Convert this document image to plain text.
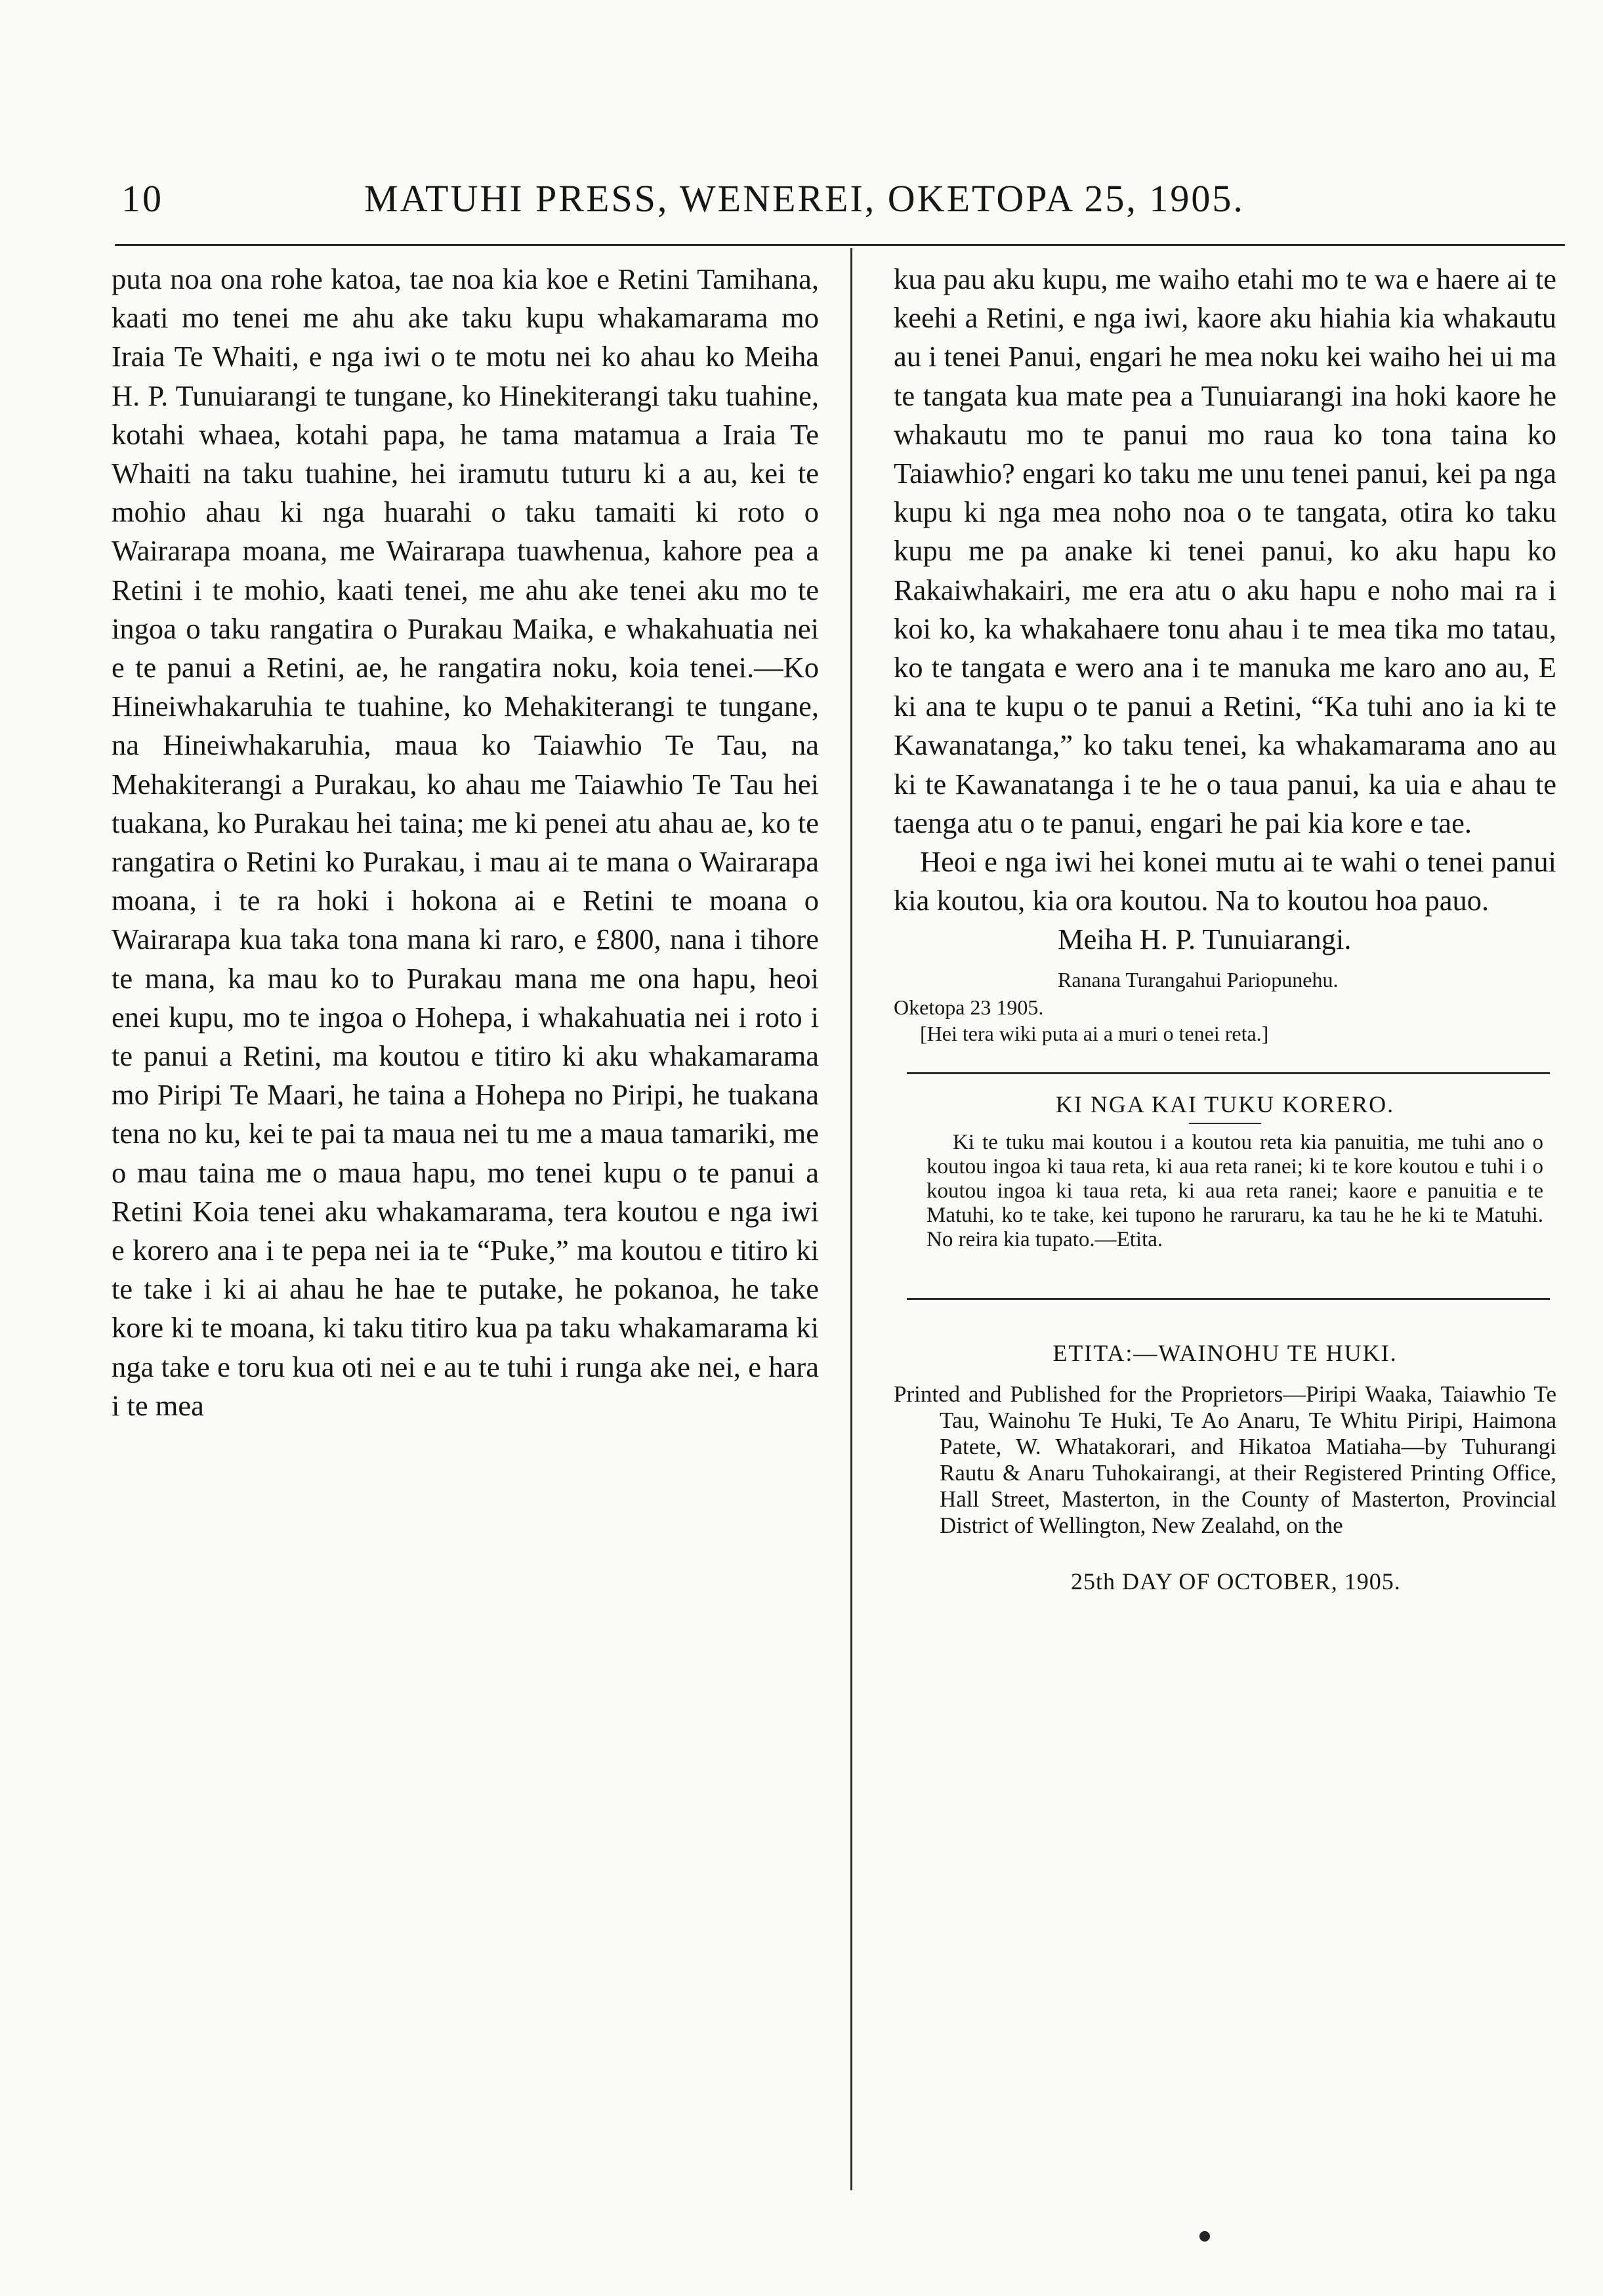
10	MATUHI PRESS, WENEREI, OKETOPA 25, 1905.

puta noa ona rohe katoa, tae noa kia koe e Retini Tamihana, kaati mo tenei me ahu ake taku kupu whakamarama mo Iraia Te Whaiti, e nga iwi o te motu nei ko ahau ko Meiha H. P. Tunuiarangi te tungane, ko Hinekiterangi taku tuahine, kotahi whaea, kotahi papa, he tama matamua a Iraia Te Whaiti na taku tuahine, hei iramutu tuturu ki a au, kei te mohio ahau ki nga huarahi o taku tamaiti ki roto o Wairarapa moana, me Wairarapa tuawhenua, kahore pea a Retini i te mohio, kaati tenei, me ahu ake tenei aku mo te ingoa o taku rangatira o Purakau Maika, e whakahuatia nei e te panui a Retini, ae, he rangatira noku, koia tenei.—Ko Hineiwhakaruhia te tuahine, ko Mehakiterangi te tungane, na Hineiwhakaruhia, maua ko Taiawhio Te Tau, na Mehakiterangi a Purakau, ko ahau me Taiawhio Te Tau hei tuakana, ko Purakau hei taina; me ki penei atu ahau ae, ko te rangatira o Retini ko Purakau, i mau ai te mana o Wairarapa moana, i te ra hoki i hokona ai e Retini te moana o Wairarapa kua taka tona mana ki raro, e £800, nana i tihore te mana, ka mau ko to Purakau mana me ona hapu, heoi enei kupu, mo te ingoa o Hohepa, i whakahuatia nei i roto i te panui a Retini, ma koutou e titiro ki aku whakamarama mo Piripi Te Maari, he taina a Hohepa no Piripi, he tuakana tena no ku, kei te pai ta maua nei tu me a maua tamariki, me o mau taina me o maua hapu, mo tenei kupu o te panui a Retini Koia tenei aku whakamarama, tera koutou e nga iwi e korero ana i te pepa nei ia te “Puke,” ma koutou e titiro ki te take i ki ai ahau he hae te putake, he pokanoa, he take kore ki te moana, ki taku titiro kua pa taku whakamarama ki nga take e toru kua oti nei e au te tuhi i runga ake nei, e hara i te mea

kua pau aku kupu, me waiho etahi mo te wa e haere ai te keehi a Retini, e nga iwi, kaore aku hiahia kia whakautu au i tenei Panui, engari he mea noku kei waiho hei ui ma te tangata kua mate pea a Tunuiarangi ina hoki kaore he whakautu mo te panui mo raua ko tona taina ko Taiawhio? engari ko taku me unu tenei panui, kei pa nga kupu ki nga mea noho noa o te tangata, otira ko taku kupu me pa anake ki tenei panui, ko aku hapu ko Rakaiwhakairi, me era atu o aku hapu e noho mai ra i koi ko, ka whakahaere tonu ahau i te mea tika mo tatau, ko te tangata e wero ana i te manuka me karo ano au, E ki ana te kupu o te panui a Retini, “Ka tuhi ano ia ki te Kawanatanga,” ko taku tenei, ka whakamarama ano au ki te Kawanatanga i te he o taua panui, ka uia e ahau te taenga atu o te panui, engari he pai kia kore e tae.

Heoi e nga iwi hei konei mutu ai te wahi o tenei panui kia koutou, kia ora koutou. Na to koutou hoa pauo.

Meiha H. P. Tunuiarangi.

Ranana Turangahui Pariopunehu.

Oketopa 23 1905.

[Hei tera wiki puta ai a muri o tenei reta.]

KI NGA KAI TUKU KORERO.

Ki te tuku mai koutou i a koutou reta kia panuitia, me tuhi ano o koutou ingoa ki taua reta, ki aua reta ranei; ki te kore koutou e tuhi i o koutou ingoa ki taua reta, ki aua reta ranei; kaore e panuitia e te Matuhi, ko te take, kei tupono he raruraru, ka tau he he ki te Matuhi. No reira kia tupato.—Etita.

ETITA:—WAINOHU TE HUKI.

Printed and Published for the Proprietors—Piripi Waaka, Taiawhio Te Tau, Wainohu Te Huki, Te Ao Anaru, Te Whitu Piripi, Haimona Patete, W. Whatakorari, and Hikatoa Matiaha—by Tuhurangi Rautu & Anaru Tuhokairangi, at their Registered Printing Office, Hall Street, Masterton, in the County of Masterton, Provincial District of Wellington, New Zealahd, on the

25th DAY OF OCTOBER, 1905.
